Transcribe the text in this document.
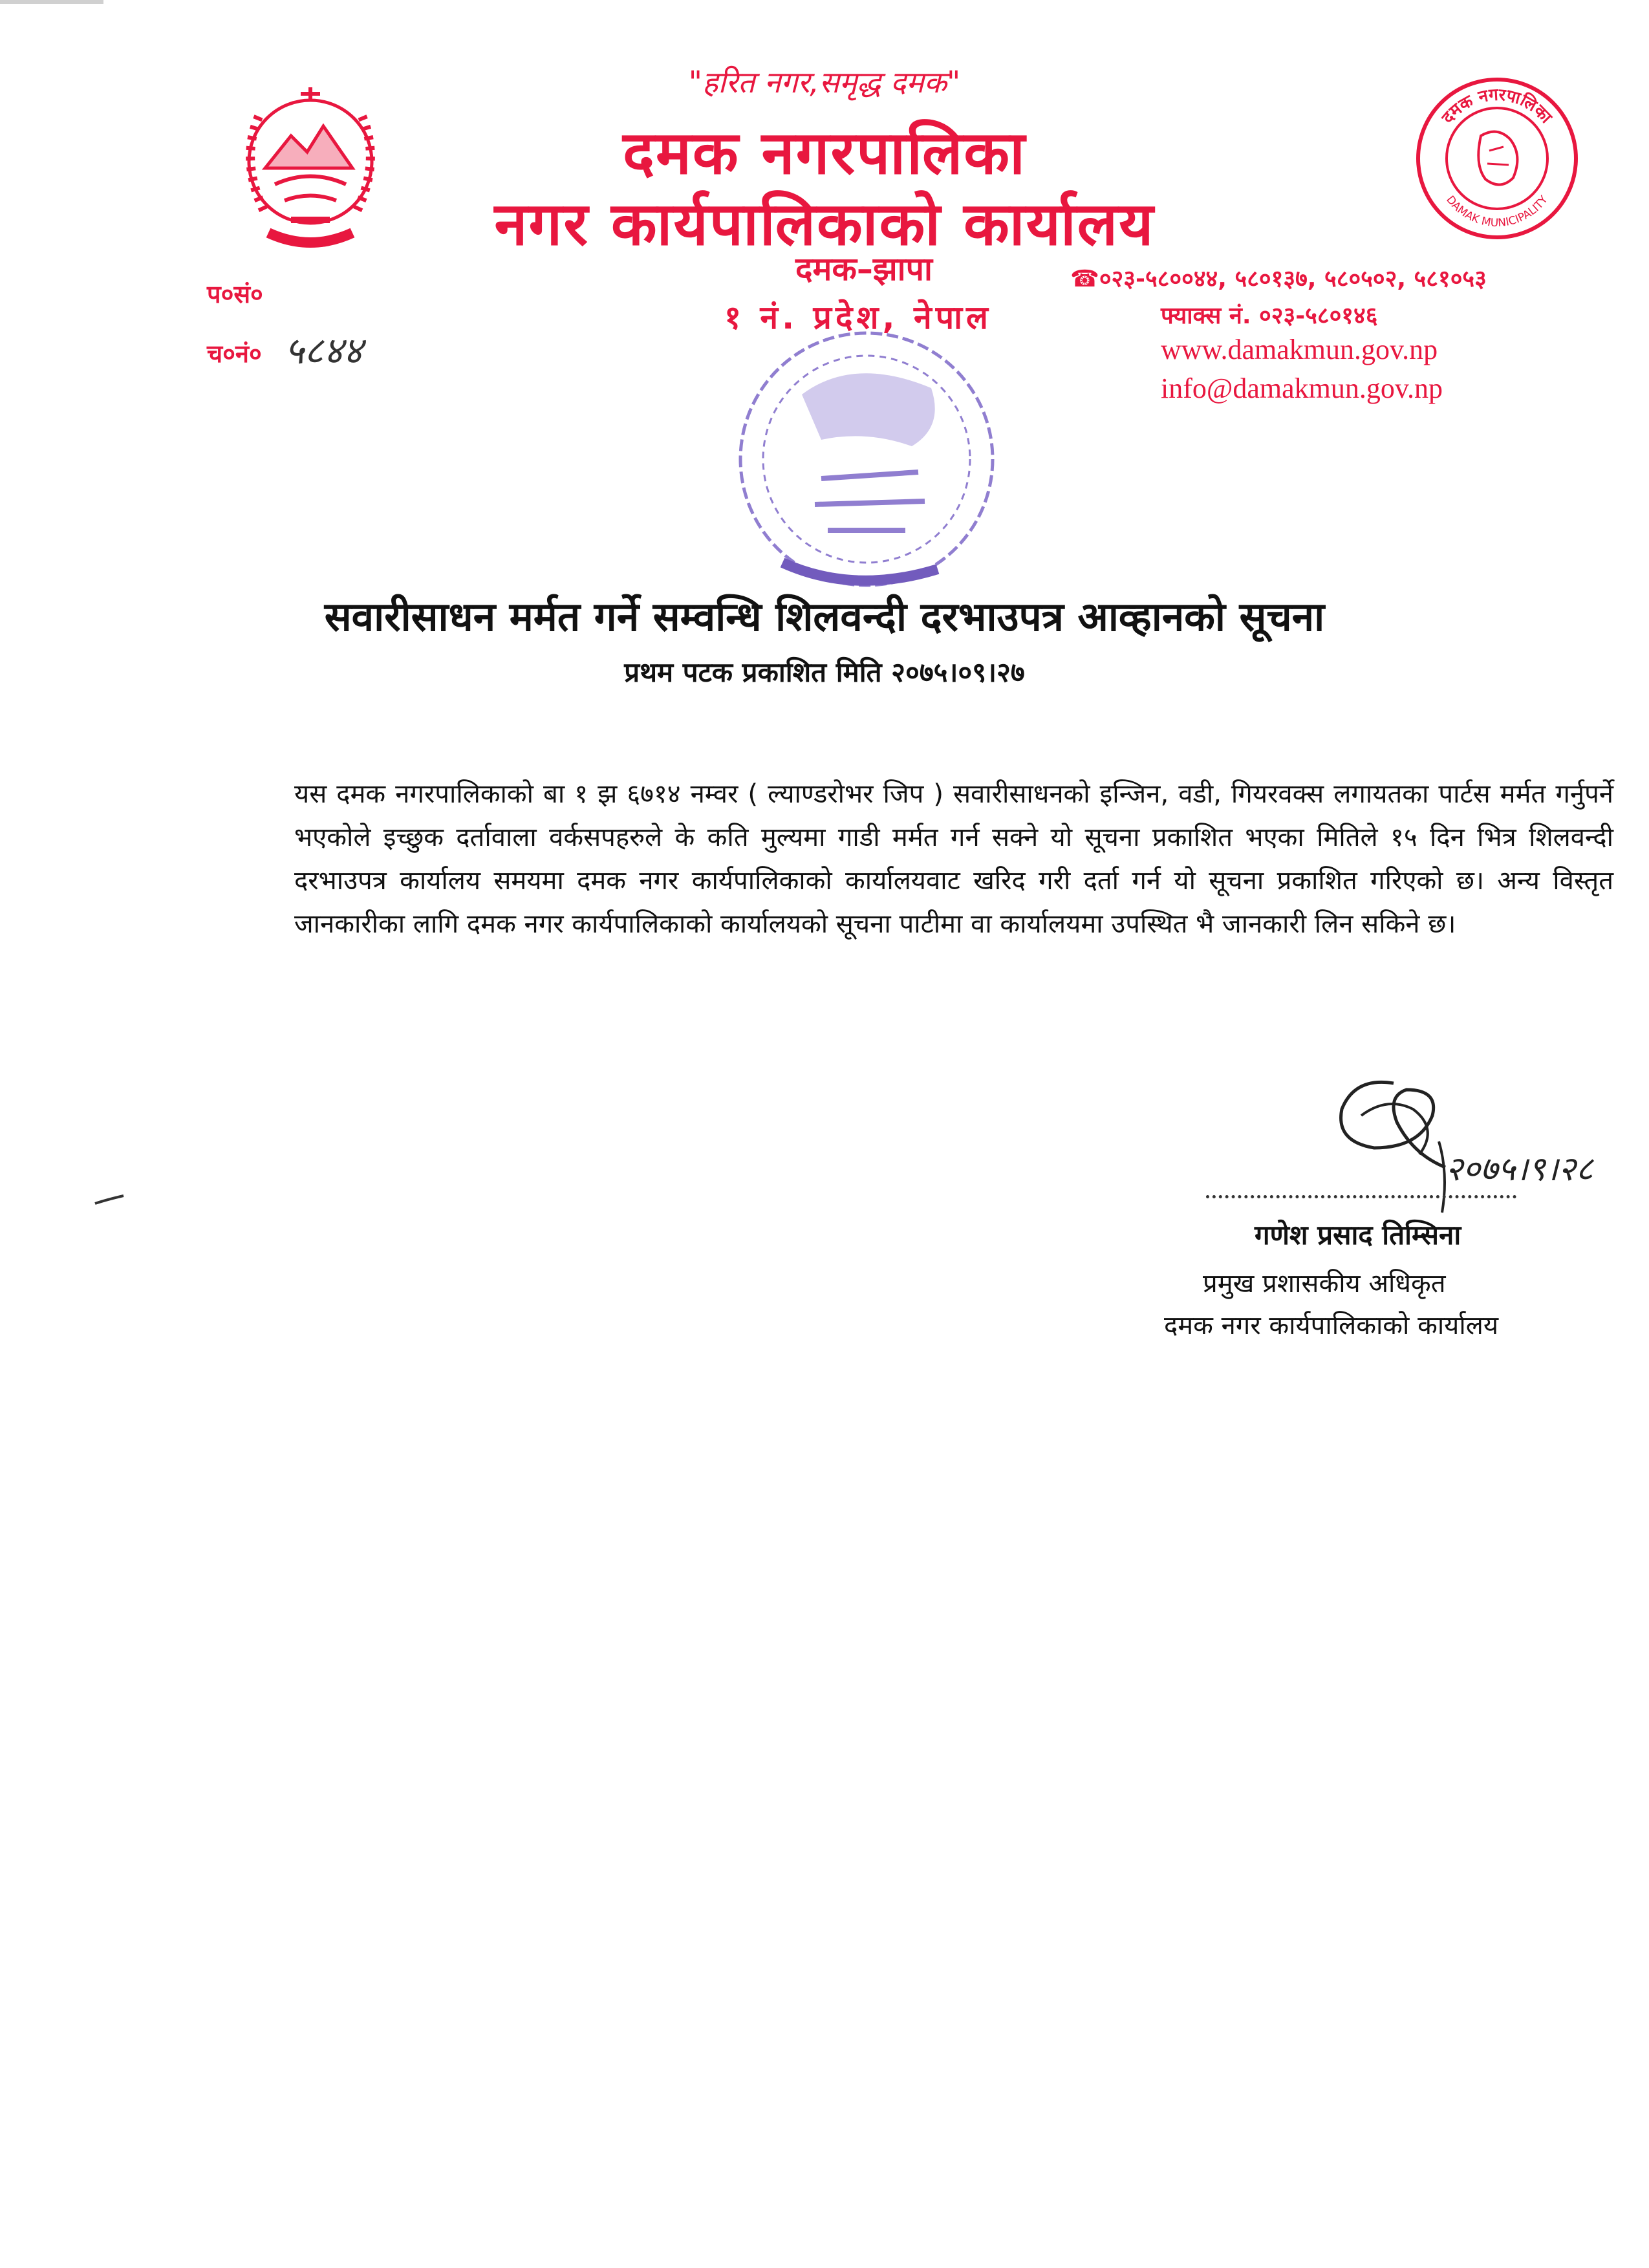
दमक नगरपालिका
DAMAK MUNICIPALITY
"हरित नगर,समृद्ध दमक"
दमक नगरपालिका
नगर कार्यपालिकाको कार्यालय
दमक–झापा
१ नं. प्रदेश, नेपाल
☎०२३-५८००४४, ५८०१३७, ५८०५०२, ५८१०५३
फ्याक्स नं. ०२३-५८०१४६
www.damakmun.gov.np
info@damakmun.gov.np
प०सं०
च०नं० ५८४४
सवारीसाधन मर्मत गर्ने सम्वन्धि शिलवन्दी दरभाउपत्र आव्हानको सूचना
प्रथम पटक प्रकाशित मिति २०७५।०९।२७
यस दमक नगरपालिकाको बा १ झ ६७१४ नम्वर ( ल्याण्डरोभर जिप ) सवारीसाधनको इन्जिन, वडी, गियरवक्स लगायतका पार्टस मर्मत गर्नुपर्ने भएकोले इच्छुक दर्तावाला वर्कसपहरुले के कति मुल्यमा गाडी मर्मत गर्न सक्ने यो सूचना प्रकाशित भएका मितिले १५ दिन भित्र शिलवन्दी दरभाउपत्र कार्यालय समयमा दमक नगर कार्यपालिकाको कार्यालयवाट खरिद गरी दर्ता गर्न यो सूचना प्रकाशित गरिएको छ। अन्य विस्तृत जानकारीका लागि दमक नगर कार्यपालिकाको कार्यालयको सूचना पाटीमा वा कार्यालयमा उपस्थित भै जानकारी लिन सकिने छ।
२०७५।९।२८
गणेश प्रसाद तिम्सिना
प्रमुख प्रशासकीय अधिकृत
दमक नगर कार्यपालिकाको कार्यालय
